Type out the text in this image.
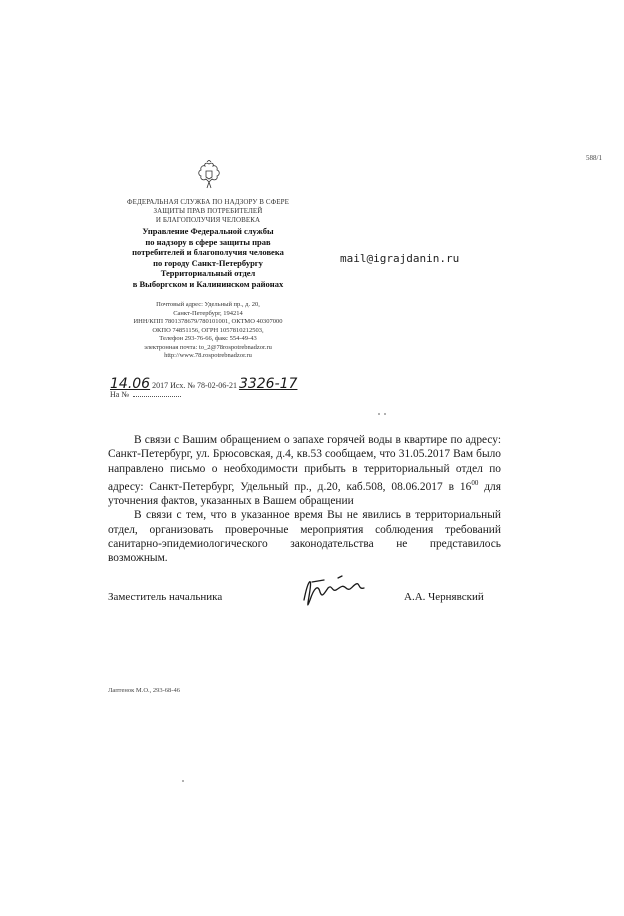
588/1
ФЕДЕРАЛЬНАЯ СЛУЖБА ПО НАДЗОРУ В СФЕРЕ
ЗАЩИТЫ ПРАВ ПОТРЕБИТЕЛЕЙ
И БЛАГОПОЛУЧИЯ ЧЕЛОВЕКА
Управление Федеральной службы
по надзору в сфере защиты прав
потребителей и благополучия человека
по городу Санкт-Петербургу
Территориальный отдел
в Выборгском и Калининском районах
Почтовый адрес: Удельный пр., д. 20,
Санкт-Петербург, 194214
ИНН/КПП 7801378679/780101001, ОКТМО 40307000
ОКПО 74851156, ОГРН 1057810212503,
Телефон 293-76-66, факс 554-49-43
электронная почта: to_2@78rospotrebnadzor.ru
http://www.78.rospotrebnadzor.ru
mail@igrajdanin.ru
14.06 2017 Исх. № 78-02-06-21 3326-17
На №

В связи с Вашим обращением о запахе горячей воды в квартире по адресу: Санкт-Петербург, ул. Брюсовская, д.4, кв.53 сообщаем, что 31.05.2017 Вам было направлено письмо о необходимости прибыть в территориальный отдел по адресу: Санкт-Петербург, Удельный пр., д.20, каб.508, 08.06.2017 в $16^{00}$ для уточнения фактов, указанных в Вашем обращении

В связи с тем, что в указанное время Вы не явились в территориальный отдел, организовать проверочные мероприятия соблюдения требований санитарно-эпидемиологического законодательства не представилось возможным.

Заместитель начальника	А.А. Чернявский
Лаптенок М.О., 293-68-46
